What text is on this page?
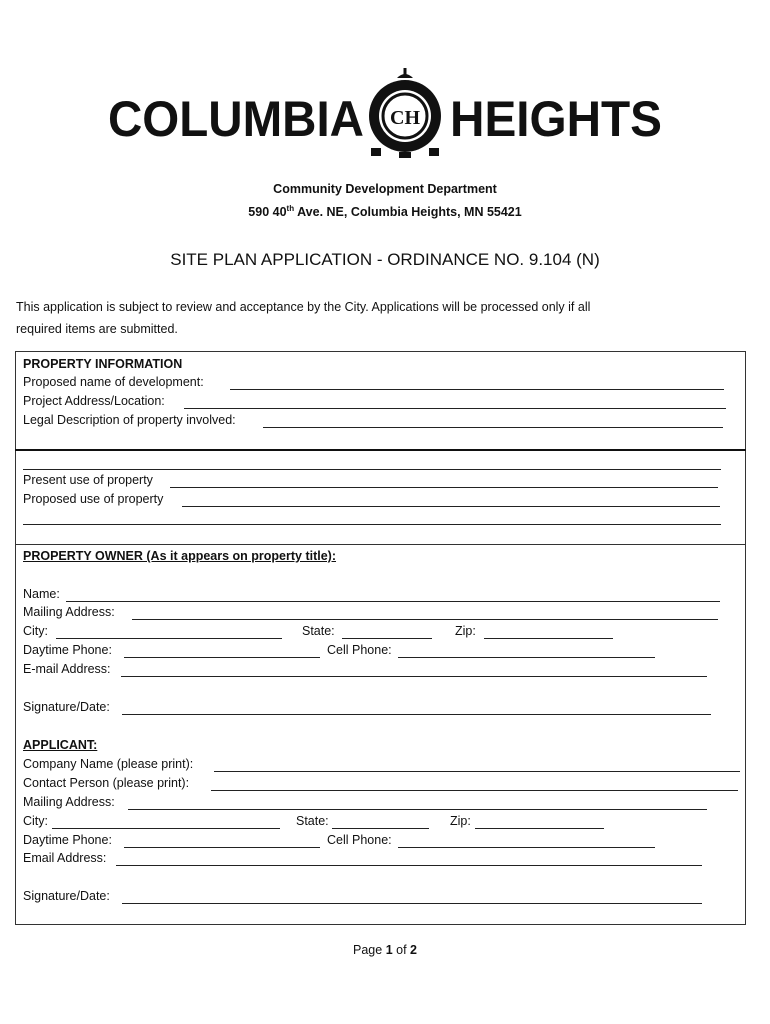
COLUMBIA CH HEIGHTS
Community Development Department
590 40th Ave. NE, Columbia Heights, MN 55421
SITE PLAN APPLICATION - ORDINANCE NO. 9.104 (N)
This application is subject to review and acceptance by the City. Applications will be processed only if all
required items are submitted.
PROPERTY INFORMATION
Proposed name of development:
Project Address/Location:
Legal Description of property involved:
Present use of property
Proposed use of property
PROPERTY OWNER (As it appears on property title):
Name:
Mailing Address:
City:	State:	Zip:
Daytime Phone:	Cell Phone:
E-mail Address:
Signature/Date:
APPLICANT:
Company Name (please print):
Contact Person (please print):
Mailing Address:
City:	State:	Zip:
Daytime Phone:	Cell Phone:
Email Address:
Signature/Date:
Page 1 of 2
